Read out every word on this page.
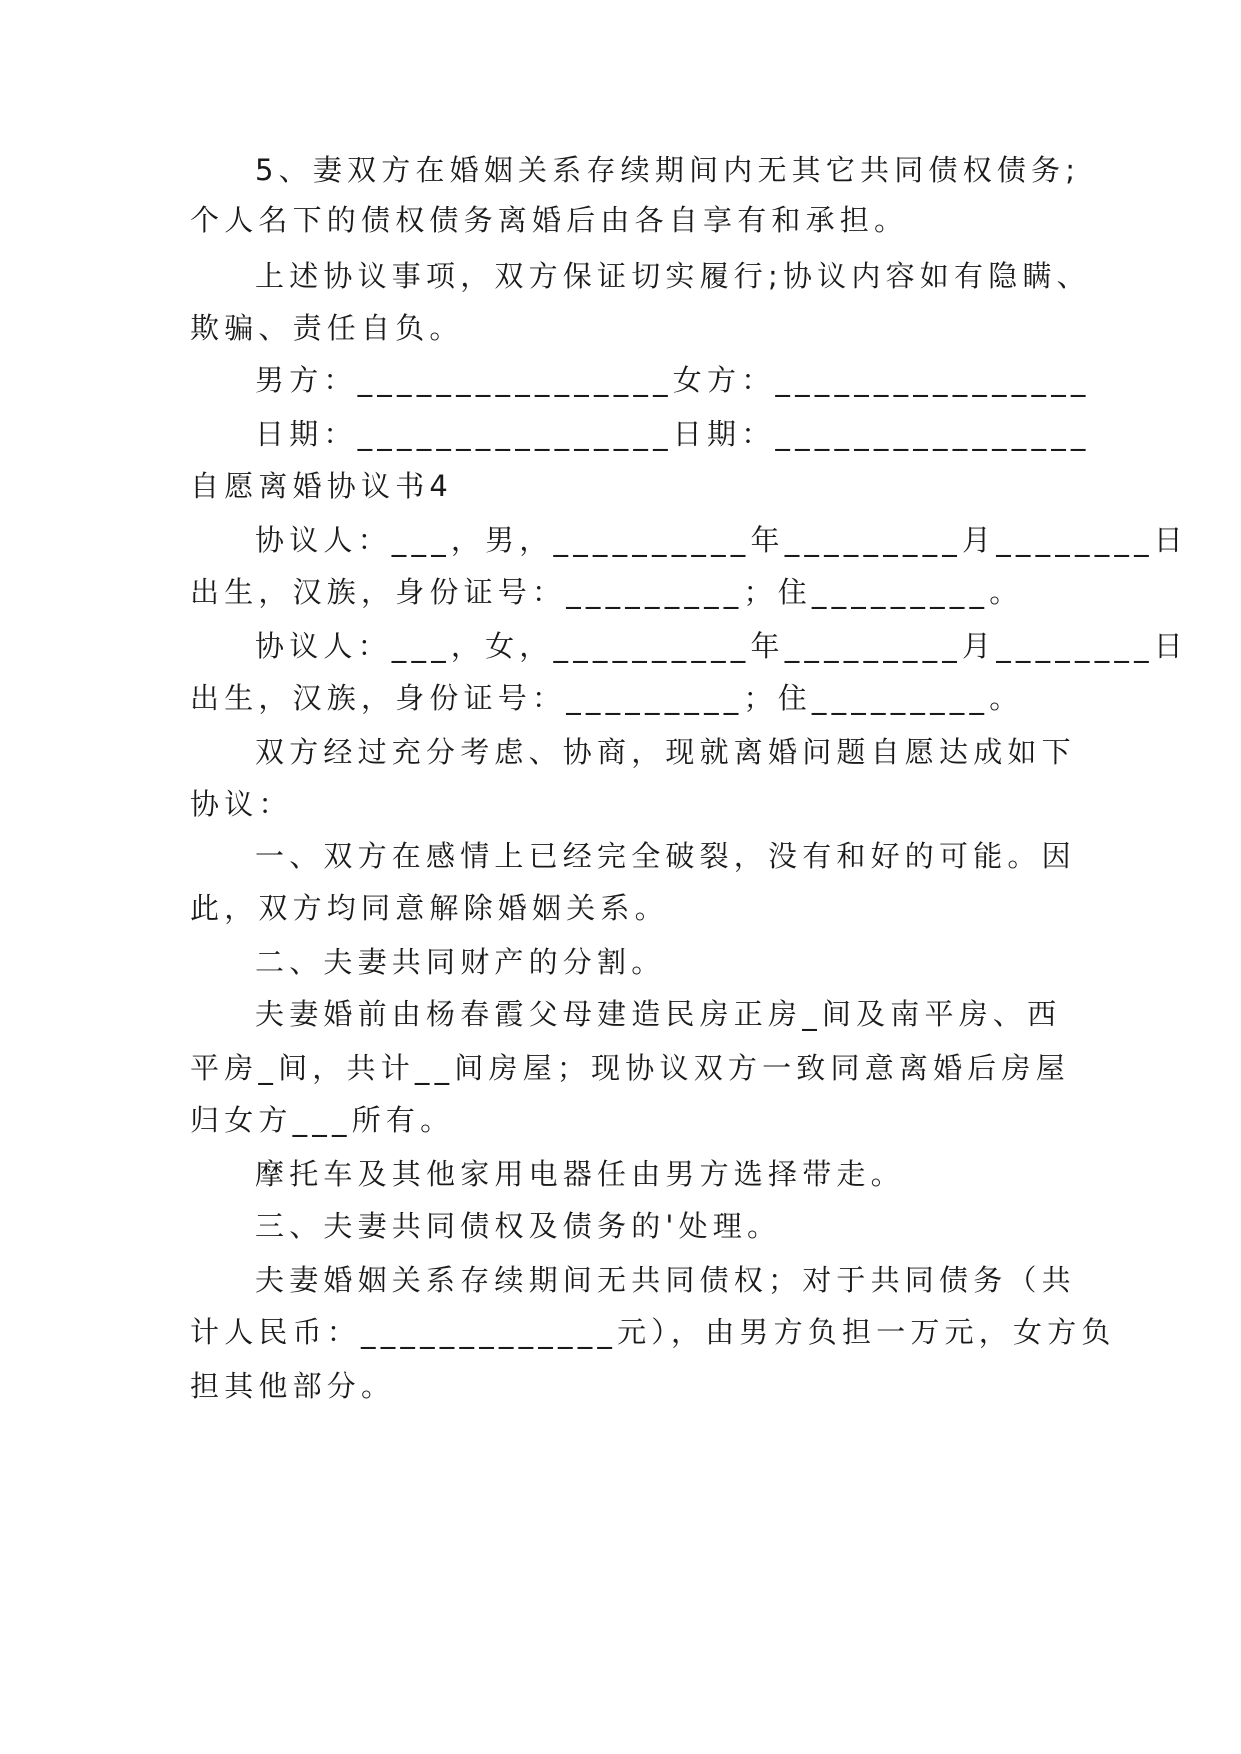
5、妻双方在婚姻关系存续期间内无其它共同债权债务;
个人名下的债权债务离婚后由各自享有和承担。
上述协议事项，双方保证切实履行;协议内容如有隐瞒、
欺骗、责任自负。
男方：________________女方：________________
日期：________________日期：________________
自愿离婚协议书4
协议人：___，男，__________年_________月________日
出生，汉族，身份证号：_________；住_________。
协议人：___，女，__________年_________月________日
出生，汉族，身份证号：_________；住_________。
双方经过充分考虑、协商，现就离婚问题自愿达成如下
协议：
一、双方在感情上已经完全破裂，没有和好的可能。因
此，双方均同意解除婚姻关系。
二、夫妻共同财产的分割。
夫妻婚前由杨春霞父母建造民房正房_间及南平房、西
平房_间，共计__间房屋；现协议双方一致同意离婚后房屋
归女方___所有。
摩托车及其他家用电器任由男方选择带走。
三、夫妻共同债权及债务的'处理。
夫妻婚姻关系存续期间无共同债权；对于共同债务（共
计人民币：_____________元），由男方负担一万元，女方负
担其他部分。
